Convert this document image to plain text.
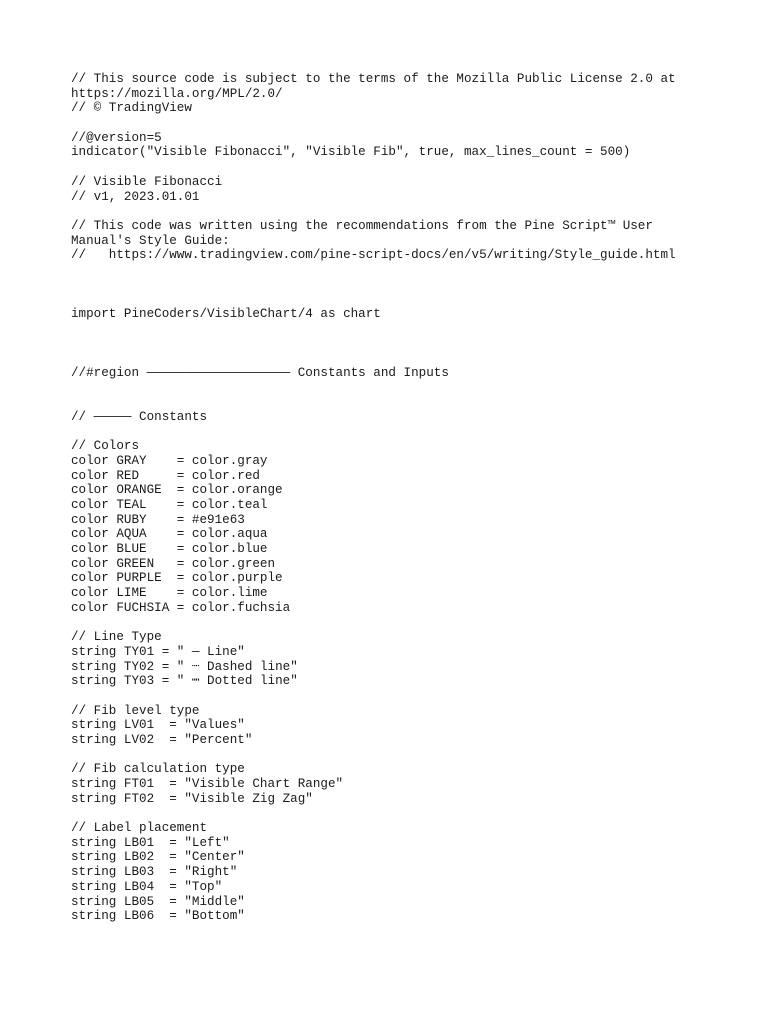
// This source code is subject to the terms of the Mozilla Public License 2.0 at
https://mozilla.org/MPL/2.0/
// © TradingView
//@version=5
indicator("Visible Fibonacci", "Visible Fib", true, max_lines_count = 500)
// Visible Fibonacci
// v1, 2023.01.01
// This code was written using the recommendations from the Pine Script™ User
Manual's Style Guide:
//   https://www.tradingview.com/pine-script-docs/en/v5/writing/Style_guide.html
import PineCoders/VisibleChart/4 as chart
//#region ——————————————————— Constants and Inputs
// ————— Constants
// Colors
color GRAY    = color.gray
color RED     = color.red
color ORANGE  = color.orange
color TEAL    = color.teal
color RUBY    = #e91e63
color AQUA    = color.aqua
color BLUE    = color.blue
color GREEN   = color.green
color PURPLE  = color.purple
color LIME    = color.lime
color FUCHSIA = color.fuchsia
// Line Type
string TY01 = " — Line"
string TY02 = " ┈ Dashed line"
string TY03 = " ┉ Dotted line"
// Fib level type
string LV01  = "Values"
string LV02  = "Percent"
// Fib calculation type
string FT01  = "Visible Chart Range"
string FT02  = "Visible Zig Zag"
// Label placement
string LB01  = "Left"
string LB02  = "Center"
string LB03  = "Right"
string LB04  = "Top"
string LB05  = "Middle"
string LB06  = "Bottom"
